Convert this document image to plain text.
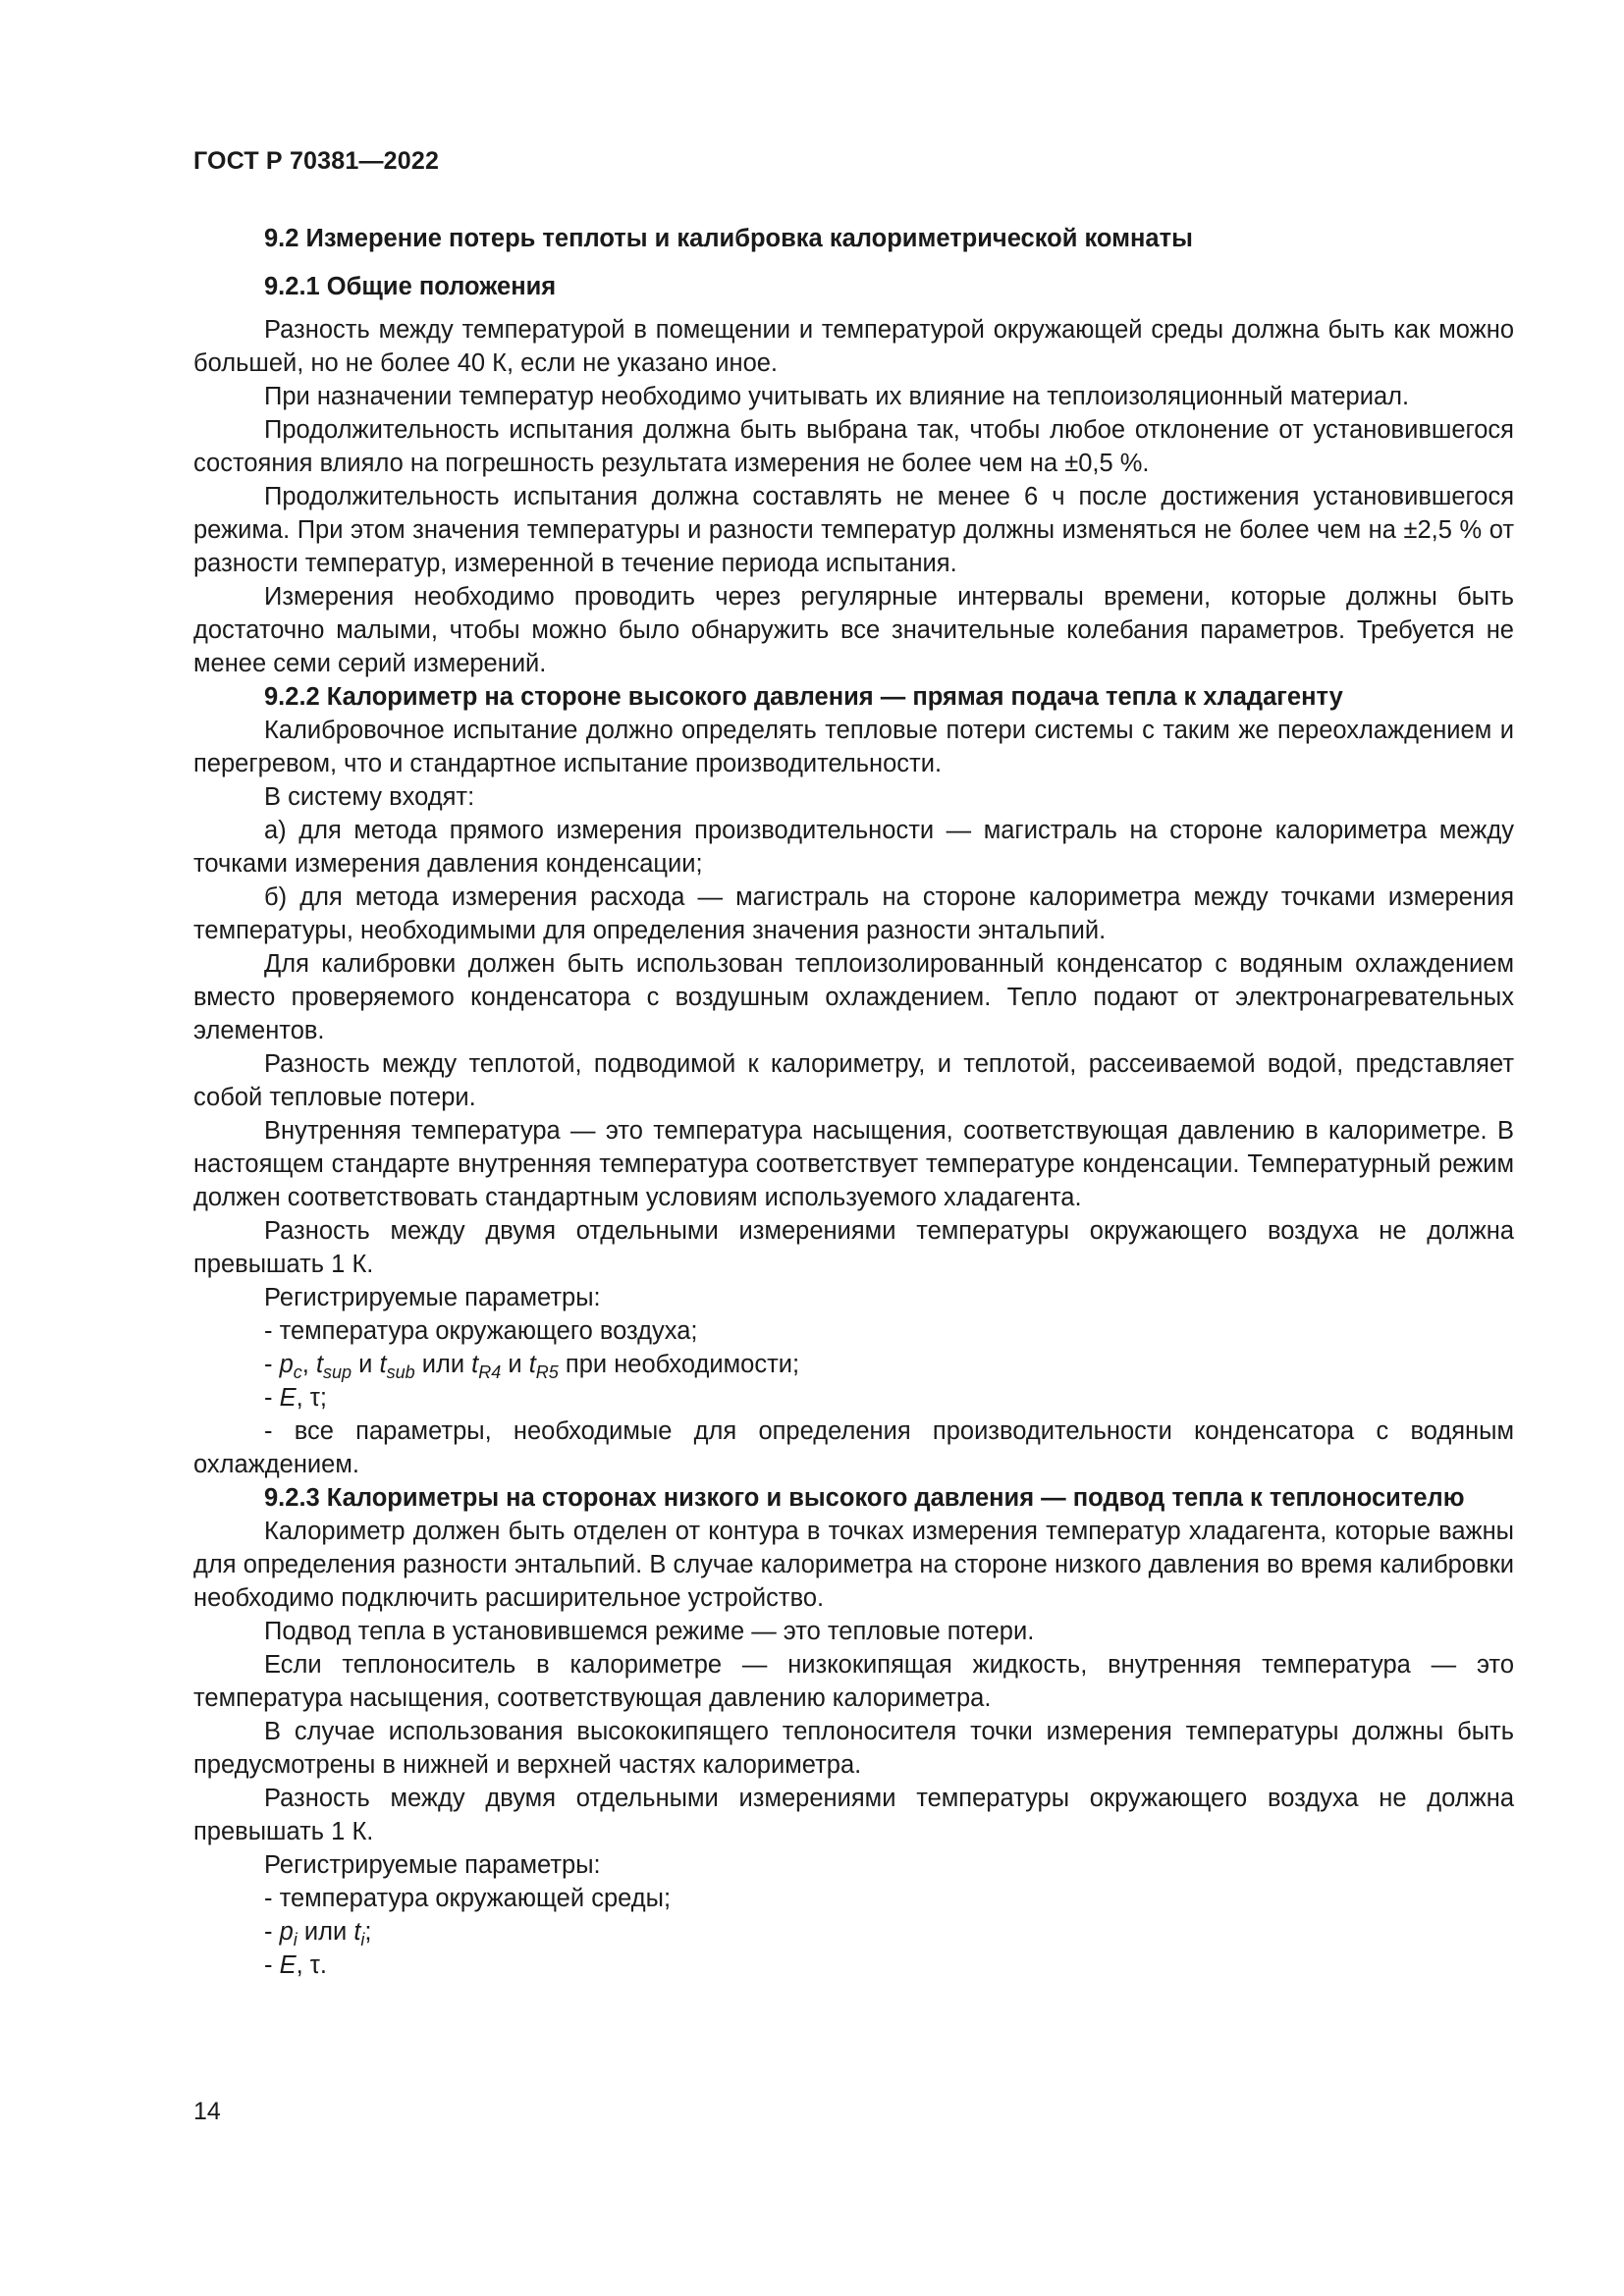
ГОСТ Р 70381—2022

9.2 Измерение потерь теплоты и калибровка калориметрической комнаты

9.2.1 Общие положения

Разность между температурой в помещении и температурой окружающей среды должна быть как можно большей, но не более 40 К, если не указано иное.

При назначении температур необходимо учитывать их влияние на теплоизоляционный материал.

Продолжительность испытания должна быть выбрана так, чтобы любое отклонение от установившегося состояния влияло на погрешность результата измерения не более чем на ±0,5 %.

Продолжительность испытания должна составлять не менее 6 ч после достижения установившегося режима. При этом значения температуры и разности температур должны изменяться не более чем на ±2,5 % от разности температур, измеренной в течение периода испытания.

Измерения необходимо проводить через регулярные интервалы времени, которые должны быть достаточно малыми, чтобы можно было обнаружить все значительные колебания параметров. Требуется не менее семи серий измерений.

9.2.2 Калориметр на стороне высокого давления — прямая подача тепла к хладагенту

Калибровочное испытание должно определять тепловые потери системы с таким же переохлаждением и перегревом, что и стандартное испытание производительности.

В систему входят:

а) для метода прямого измерения производительности — магистраль на стороне калориметра между точками измерения давления конденсации;

б) для метода измерения расхода — магистраль на стороне калориметра между точками измерения температуры, необходимыми для определения значения разности энтальпий.

Для калибровки должен быть использован теплоизолированный конденсатор с водяным охлаждением вместо проверяемого конденсатора с воздушным охлаждением. Тепло подают от электронагревательных элементов.

Разность между теплотой, подводимой к калориметру, и теплотой, рассеиваемой водой, представляет собой тепловые потери.

Внутренняя температура — это температура насыщения, соответствующая давлению в калориметре. В настоящем стандарте внутренняя температура соответствует температуре конденсации. Температурный режим должен соответствовать стандартным условиям используемого хладагента.

Разность между двумя отдельными измерениями температуры окружающего воздуха не должна превышать 1 К.

Регистрируемые параметры:

- температура окружающего воздуха;

- $p_c$, $t_{sup}$ и $t_{sub}$ или $t_{R4}$ и $t_{R5}$ при необходимости;

- E, τ;

- все параметры, необходимые для определения производительности конденсатора с водяным охлаждением.

9.2.3 Калориметры на сторонах низкого и высокого давления — подвод тепла к теплоносителю

Калориметр должен быть отделен от контура в точках измерения температур хладагента, которые важны для определения разности энтальпий. В случае калориметра на стороне низкого давления во время калибровки необходимо подключить расширительное устройство.

Подвод тепла в установившемся режиме — это тепловые потери.

Если теплоноситель в калориметре — низкокипящая жидкость, внутренняя температура — это температура насыщения, соответствующая давлению калориметра.

В случае использования высококипящего теплоносителя точки измерения температуры должны быть предусмотрены в нижней и верхней частях калориметра.

Разность между двумя отдельными измерениями температуры окружающего воздуха не должна превышать 1 К.

Регистрируемые параметры:

- температура окружающей среды;

- $p_i$ или $t_i$;

- E, τ.

14
